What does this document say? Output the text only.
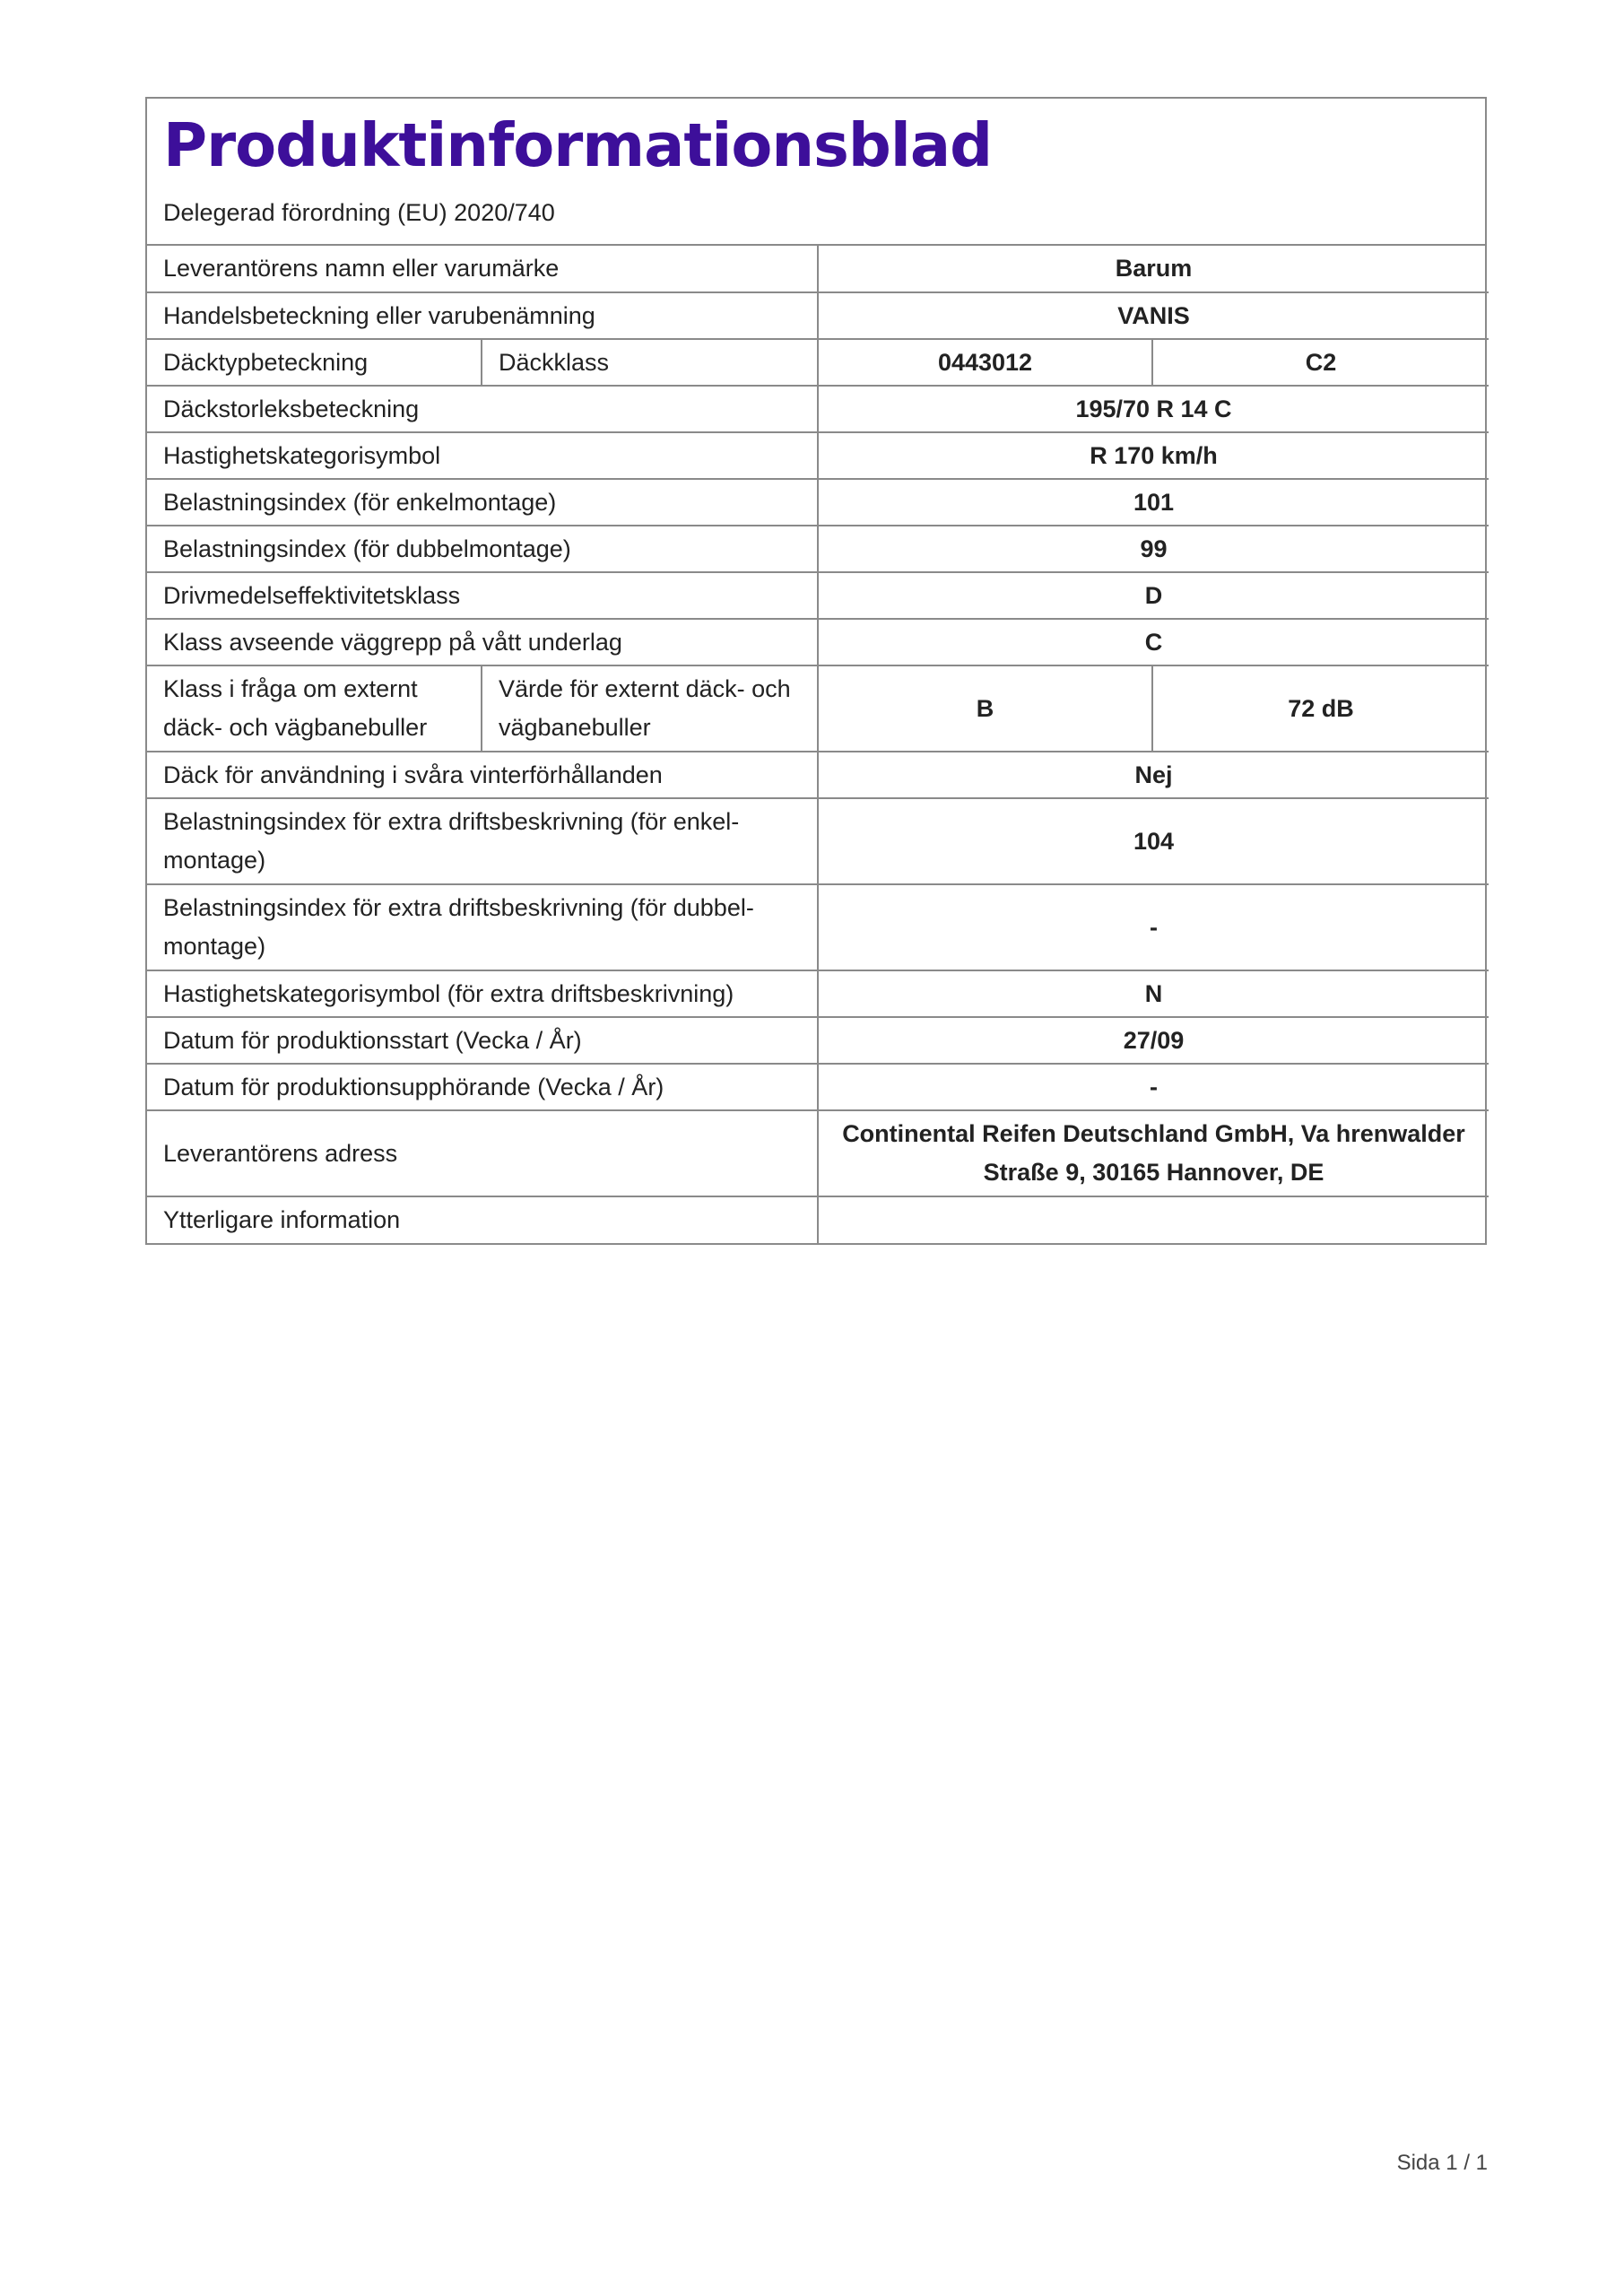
Produktinformationsblad
Delegerad förordning (EU) 2020/740
Leverantörens namn eller varumärke		Barum	
Handelsbeteckning eller varubenämning		VANIS	
Däcktypbeteckning	Däckklass	0443012	C2
Däckstorleksbeteckning		195/70 R 14 C	
Hastighetskategorisymbol		R 170 km/h	
Belastningsindex (för enkelmontage)		101	
Belastningsindex (för dubbelmontage)		99	
Drivmedelseffektivitetsklass		D	
Klass avseende väggrepp på vått underlag		C	
Klass i fråga om externt däck- och vägbanebuller	Värde för externt däck- och vägbanebuller	B	72 dB
Däck för användning i svåra vinterförhållanden		Nej	
Belastningsindex för extra driftsbeskrivning (för enkel-montage)		104	
Belastningsindex för extra driftsbeskrivning (för dubbel-montage)		-	
Hastighetskategorisymbol (för extra driftsbeskrivning)		N	
Datum för produktionsstart (Vecka / År)		27/09	
Datum för produktionsupphörande (Vecka / År)		-	
Leverantörens adress		Continental Reifen Deutschland GmbH, Va hrenwalder Straße 9, 30165 Hannover, DE	
Ytterligare information			
Sida 1 / 1
